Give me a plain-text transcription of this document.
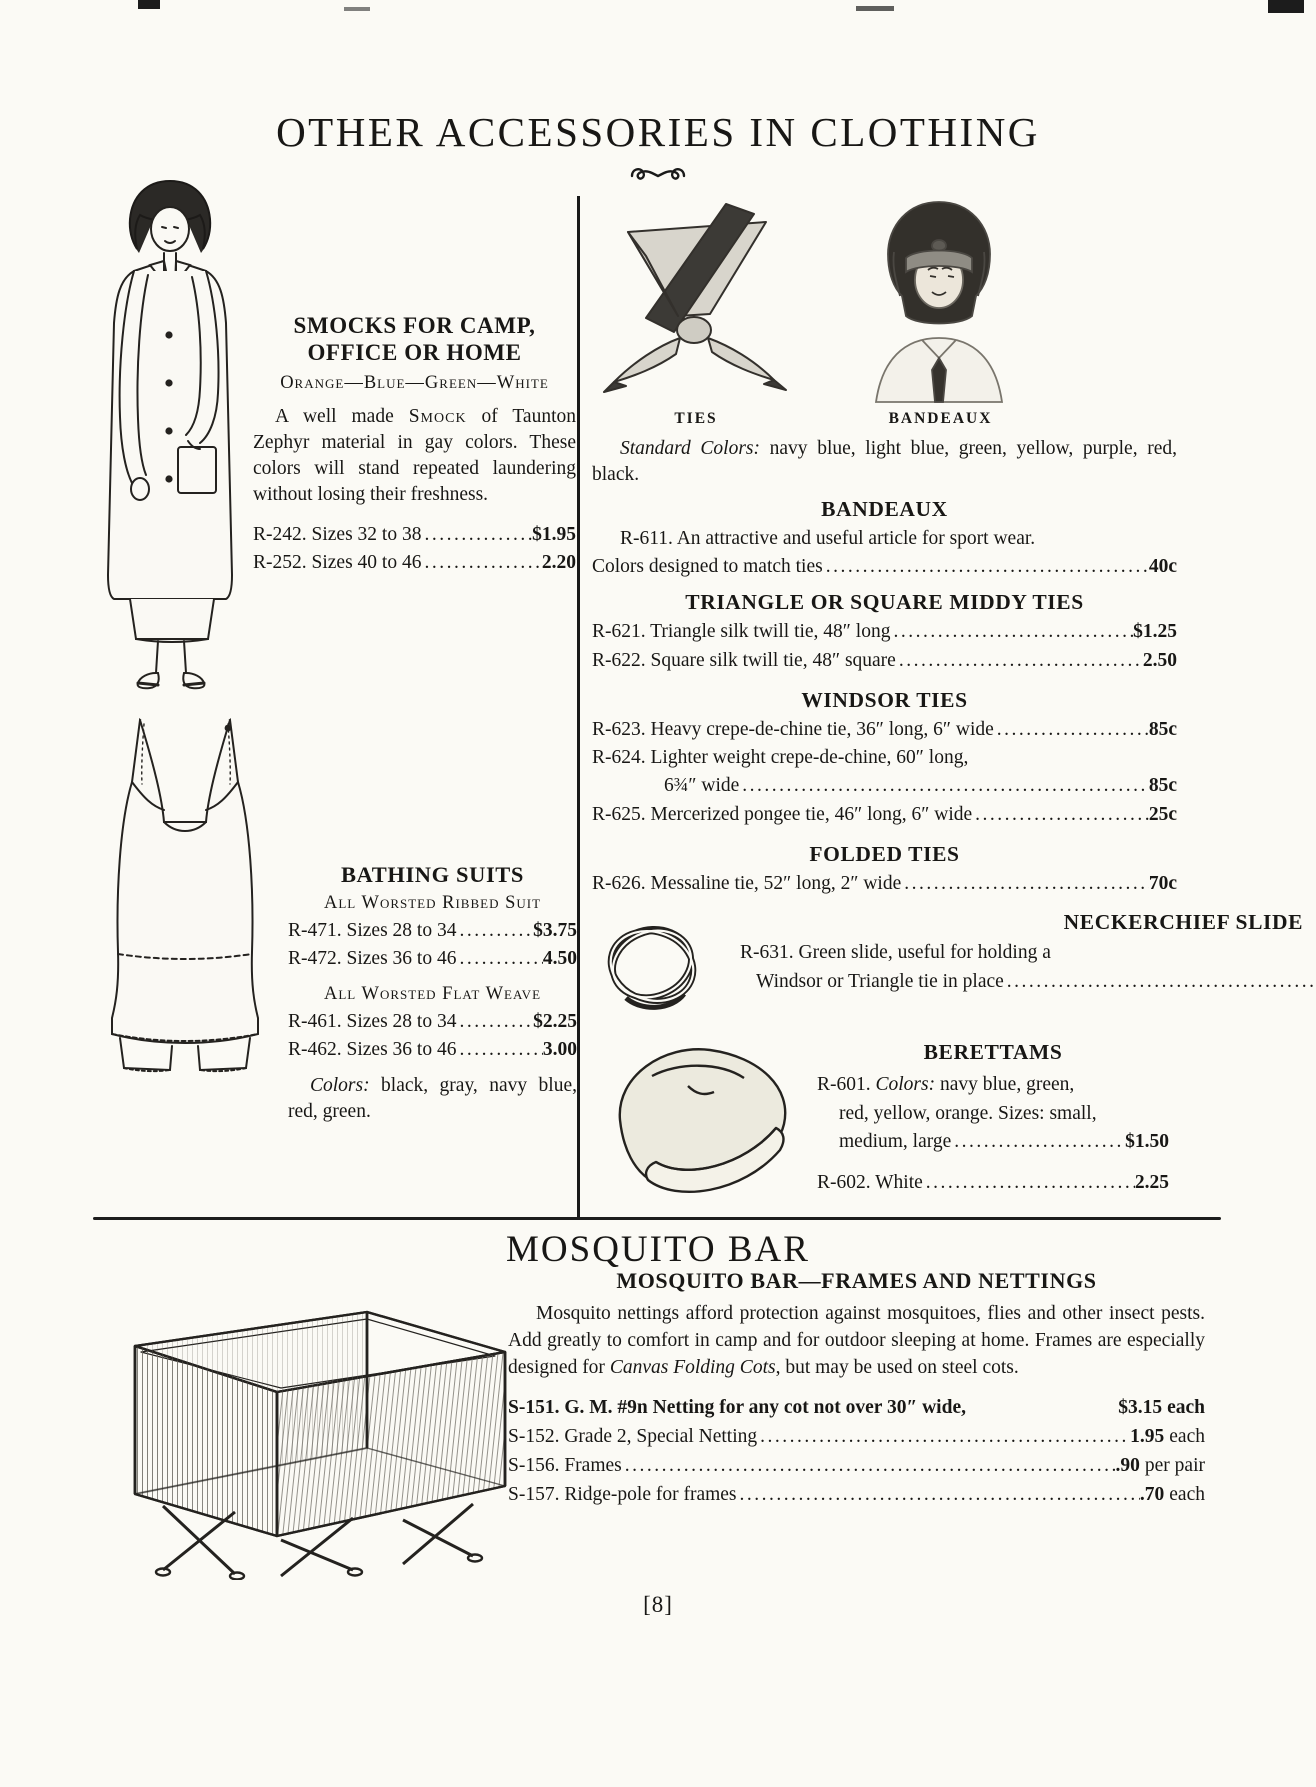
OTHER ACCESSORIES IN CLOTHING
SMOCKS FOR CAMP,
OFFICE OR HOME
Orange—Blue—Green—White

A well made Smock of Taunton Zephyr material in gay colors. These colors will stand repeated laundering without losing their freshness.

R-242. Sizes 32 to 38 .....	$1.95
R-252. Sizes 40 to 46 .....	2.20
BATHING SUITS
All Worsted Ribbed Suit
R-471. Sizes 28 to 34 .....	$3.75
R-472. Sizes 36 to 46 .....	4.50
All Worsted Flat Weave
R-461. Sizes 28 to 34 .....	$2.25
R-462. Sizes 36 to 46 .....	3.00

Colors: black, gray, navy blue, red, green.

TIES	BANDEAUX

Standard Colors: navy blue, light blue, green, yellow, purple, red, black.

BANDEAUX
R-611. An attractive and useful article for sport wear.
Colors designed to match ties .....	40c
TRIANGLE OR SQUARE MIDDY TIES
R-621. Triangle silk twill tie, 48″ long .....	$1.25
R-622. Square silk twill tie, 48″ square .....	2.50
WINDSOR TIES
R-623. Heavy crepe-de-chine tie, 36″ long, 6″ wide .....	85c
R-624. Lighter weight crepe-de-chine, 60″ long,
6¾″ wide .....	85c
R-625. Mercerized pongee tie, 46″ long, 6″ wide .....	25c
FOLDED TIES
R-626. Messaline tie, 52″ long, 2″ wide .....	70c
NECKERCHIEF SLIDE
R-631. Green slide, useful for holding a
Windsor or Triangle tie in place
.....
BERETTAMS
R-601. Colors: navy blue, green,
red, yellow, orange. Sizes: small,
medium, large .....	$1.50
R-602. White .....	2.25
MOSQUITO BAR
MOSQUITO BAR—FRAMES AND NETTINGS

Mosquito nettings afford protection against mosquitoes, flies and other insect pests. Add greatly to comfort in camp and for outdoor sleeping at home. Frames are especially designed for Canvas Folding Cots, but may be used on steel cots.

S-151. G. M. #9n Netting for any cot not over 30″ wide,	$3.15 each
S-152. Grade 2, Special Netting .....	1.95 each
S-156. Frames .....	.90 per pair
S-157. Ridge-pole for frames .....	.70 each
[8]
